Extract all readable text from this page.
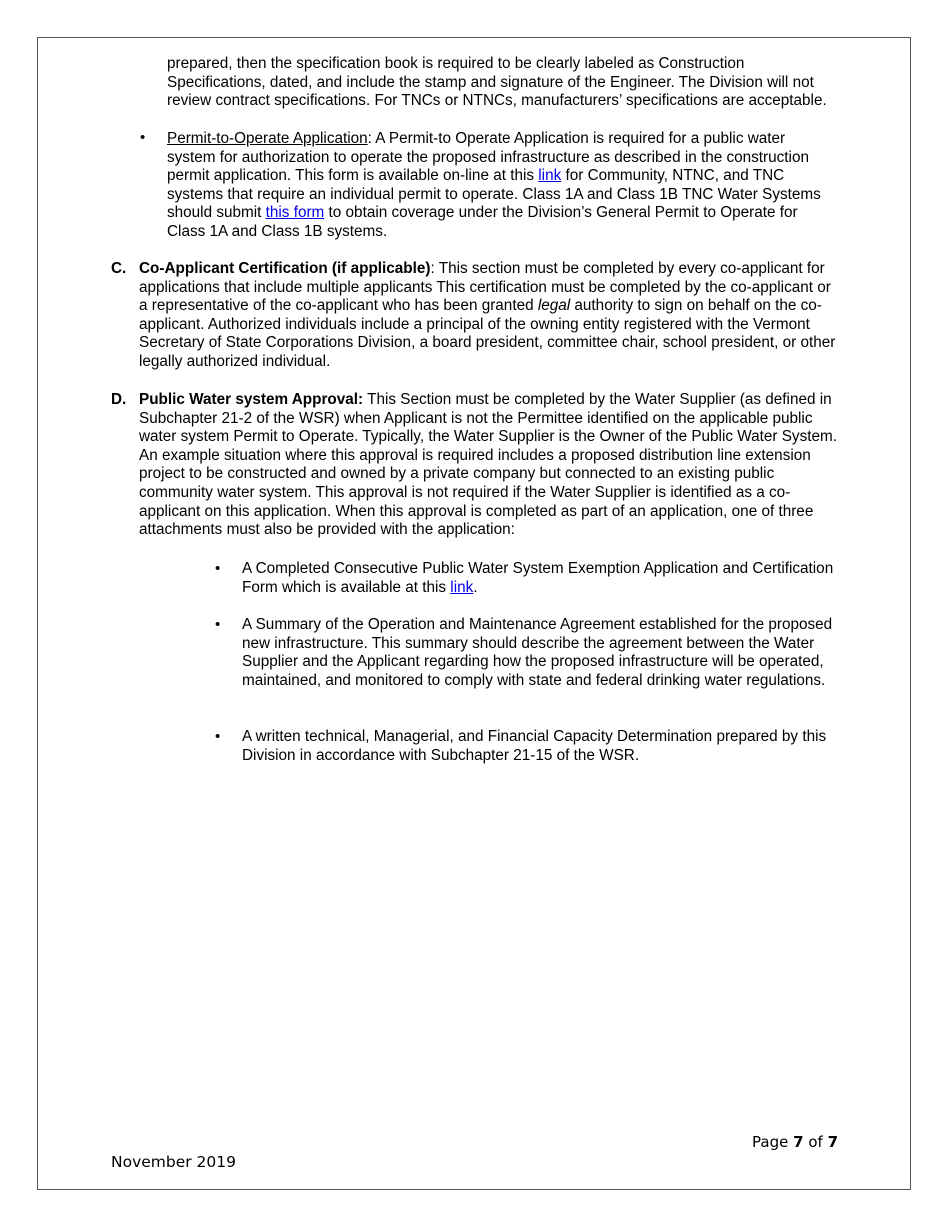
prepared, then the specification book is required to be clearly labeled as Construction Specifications, dated, and include the stamp and signature of the Engineer. The Division will not review contract specifications. For TNCs or NTNCs, manufacturers’ specifications are acceptable.

• Permit-to-Operate Application: A Permit-to Operate Application is required for a public water system for authorization to operate the proposed infrastructure as described in the construction permit application. This form is available on-line at this link for Community, NTNC, and TNC systems that require an individual permit to operate. Class 1A and Class 1B TNC Water Systems should submit this form to obtain coverage under the Division’s General Permit to Operate for Class 1A and Class 1B systems.

C. Co-Applicant Certification (if applicable): This section must be completed by every co-applicant for applications that include multiple applicants This certification must be completed by the co-applicant or a representative of the co-applicant who has been granted legal authority to sign on behalf on the co-applicant. Authorized individuals include a principal of the owning entity registered with the Vermont Secretary of State Corporations Division, a board president, committee chair, school president, or other legally authorized individual.

D. Public Water system Approval: This Section must be completed by the Water Supplier (as defined in Subchapter 21-2 of the WSR) when Applicant is not the Permittee identified on the applicable public water system Permit to Operate. Typically, the Water Supplier is the Owner of the Public Water System. An example situation where this approval is required includes a proposed distribution line extension project to be constructed and owned by a private company but connected to an existing public community water system. This approval is not required if the Water Supplier is identified as a co-applicant on this application. When this approval is completed as part of an application, one of three attachments must also be provided with the application:

• A Completed Consecutive Public Water System Exemption Application and Certification Form which is available at this link.

• A Summary of the Operation and Maintenance Agreement established for the proposed new infrastructure. This summary should describe the agreement between the Water Supplier and the Applicant regarding how the proposed infrastructure will be operated, maintained, and monitored to comply with state and federal drinking water regulations.

• A written technical, Managerial, and Financial Capacity Determination prepared by this Division in accordance with Subchapter 21-15 of the WSR.

Page 7 of 7
November 2019
